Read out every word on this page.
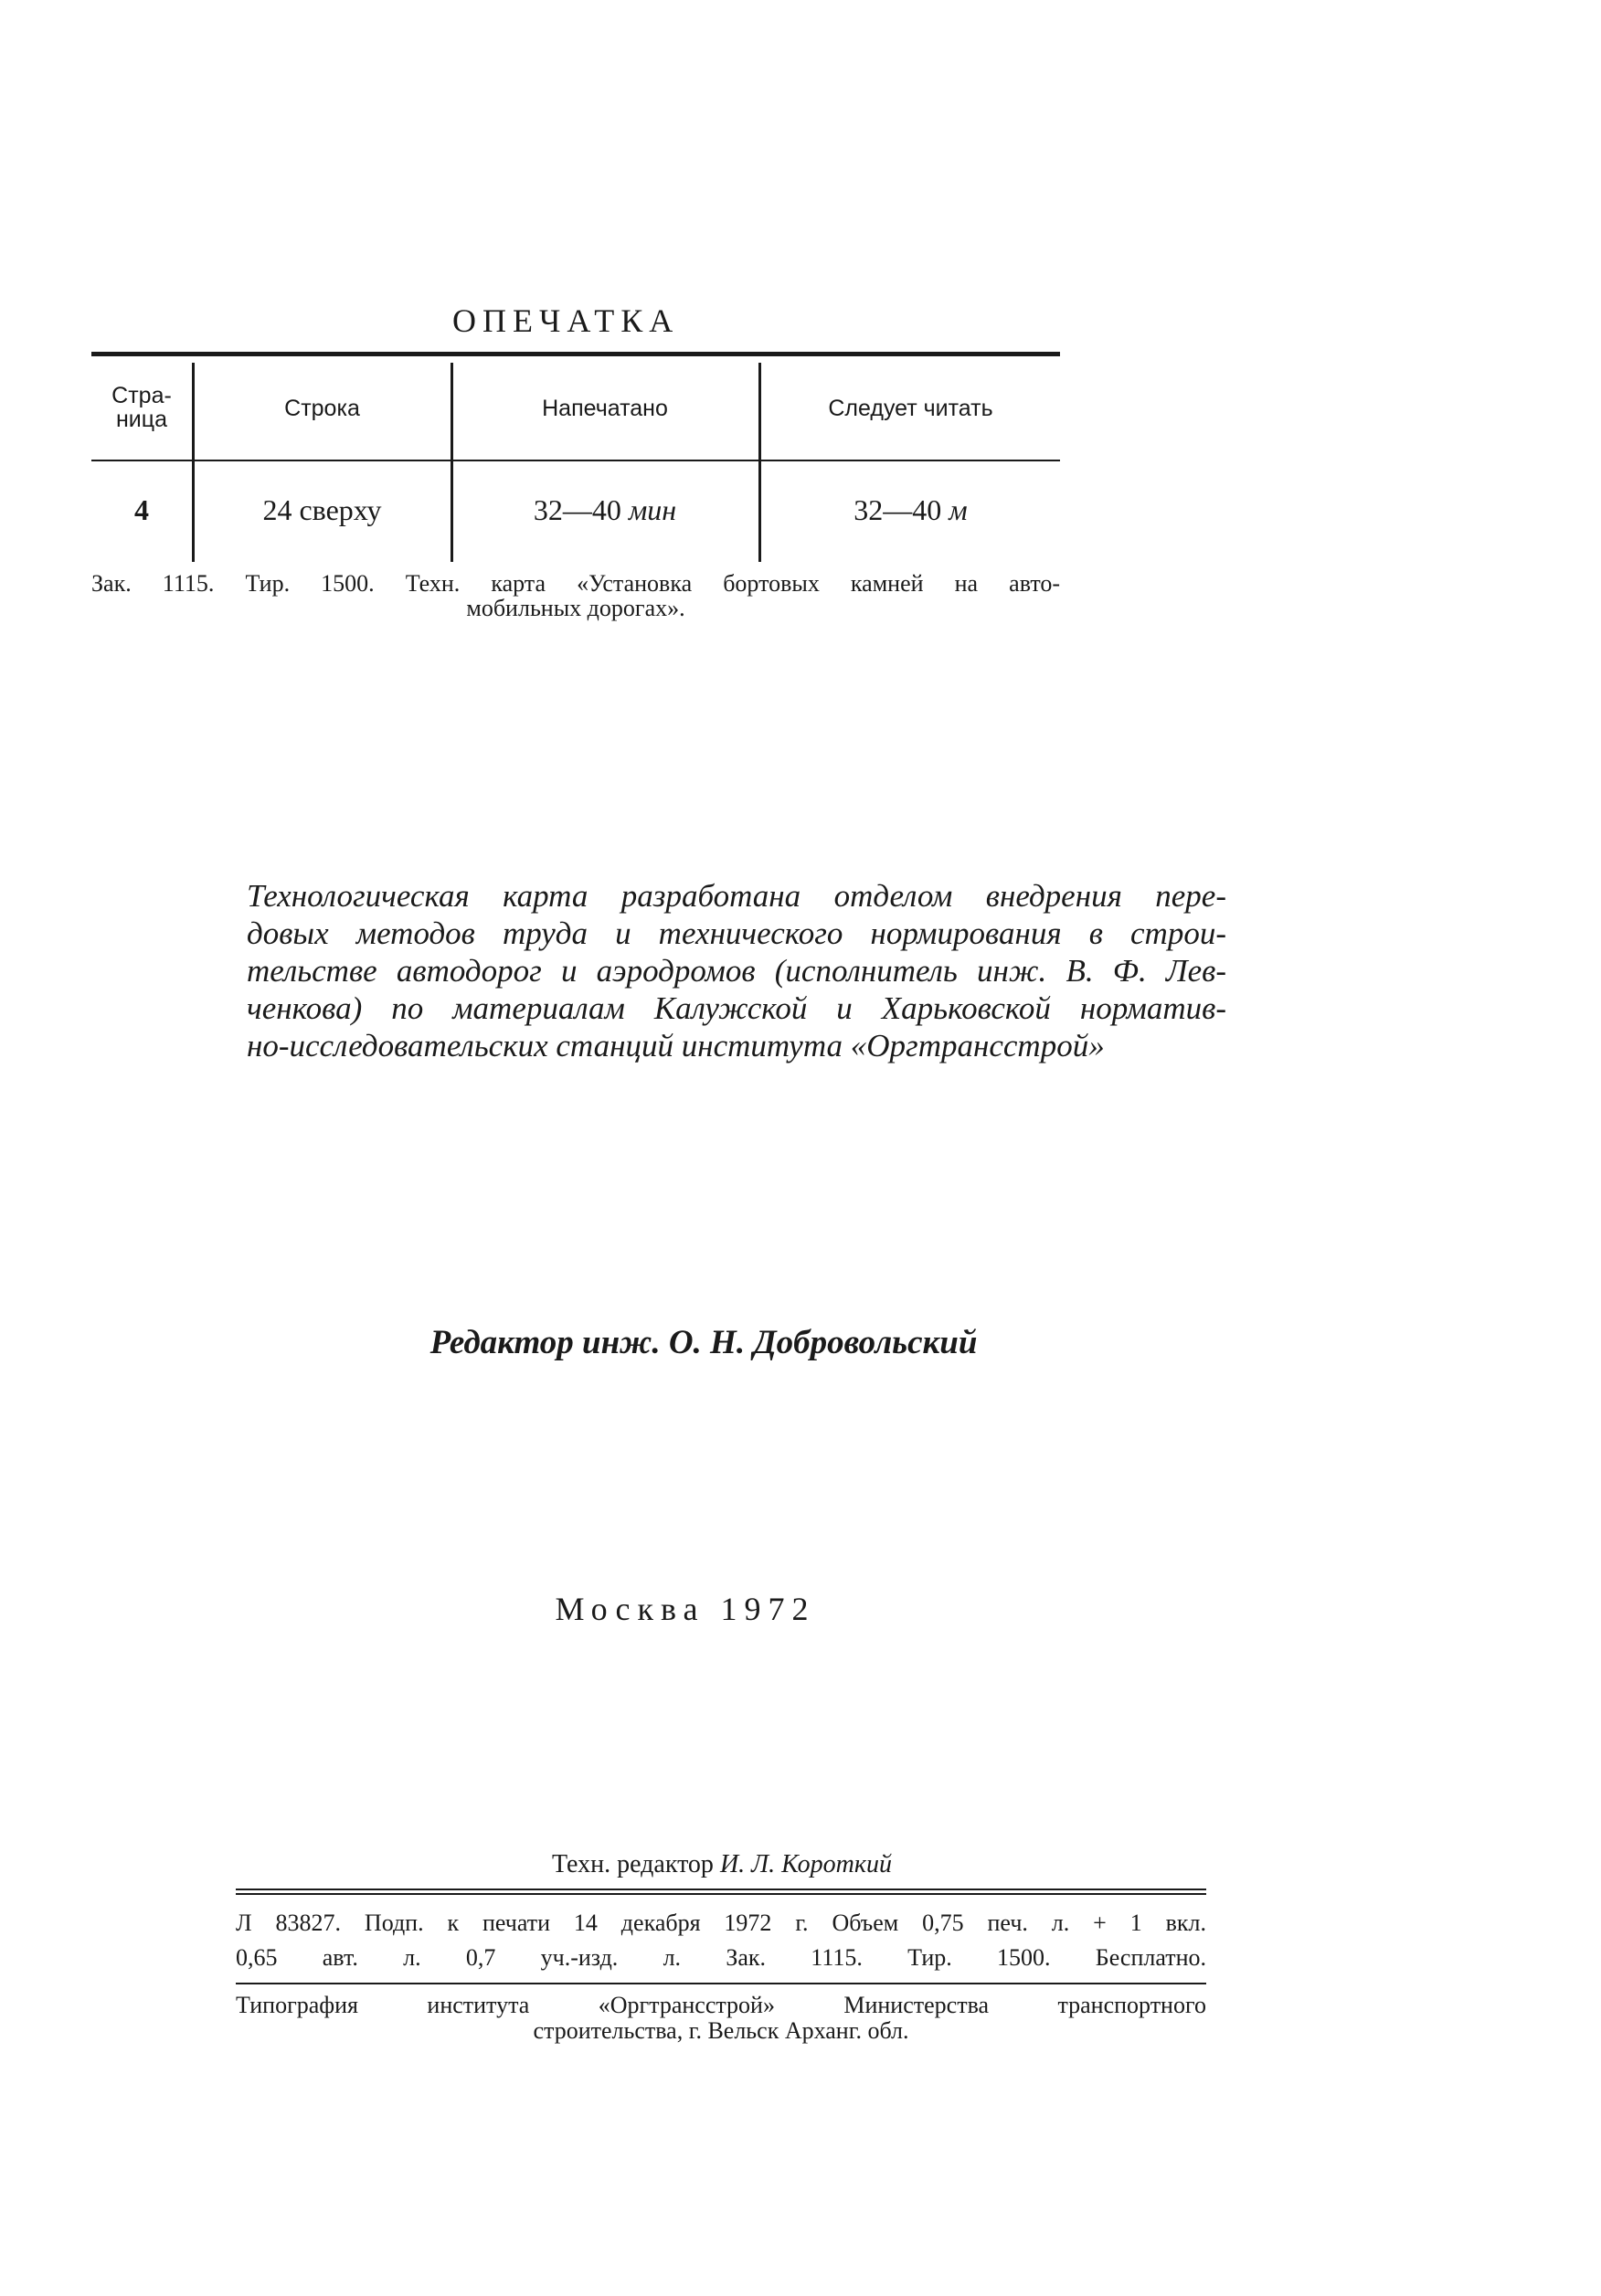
ОПЕЧАТКА
Стра-
ница	Строка	Напечатано	Следует читать
4	24 сверху	32—40 мин	32—40 м
Зак. 1115. Тир. 1500. Техн. карта «Установка бортовых камней на авто-
мобильных дорогах».
Технологическая карта разработана отделом внедрения пере-
довых методов труда и технического нормирования в строи-
тельстве автодорог и аэродромов (исполнитель инж. В. Ф. Лев-
ченкова) по материалам Калужской и Харьковской норматив-
но-исследовательских станций института «Оргтрансстрой»
Редактор инж. О. Н. Добровольский
Москва 1972
Техн. редактор И. Л. Короткий
Л 83827. Подп. к печати 14 декабря 1972 г. Объем 0,75 печ. л. + 1 вкл.
0,65 авт. л. 0,7 уч.-изд. л. Зак. 1115. Тир. 1500. Бесплатно.
Типография института «Оргтрансстрой» Министерства транспортного
строительства, г. Вельск Арханг. обл.
